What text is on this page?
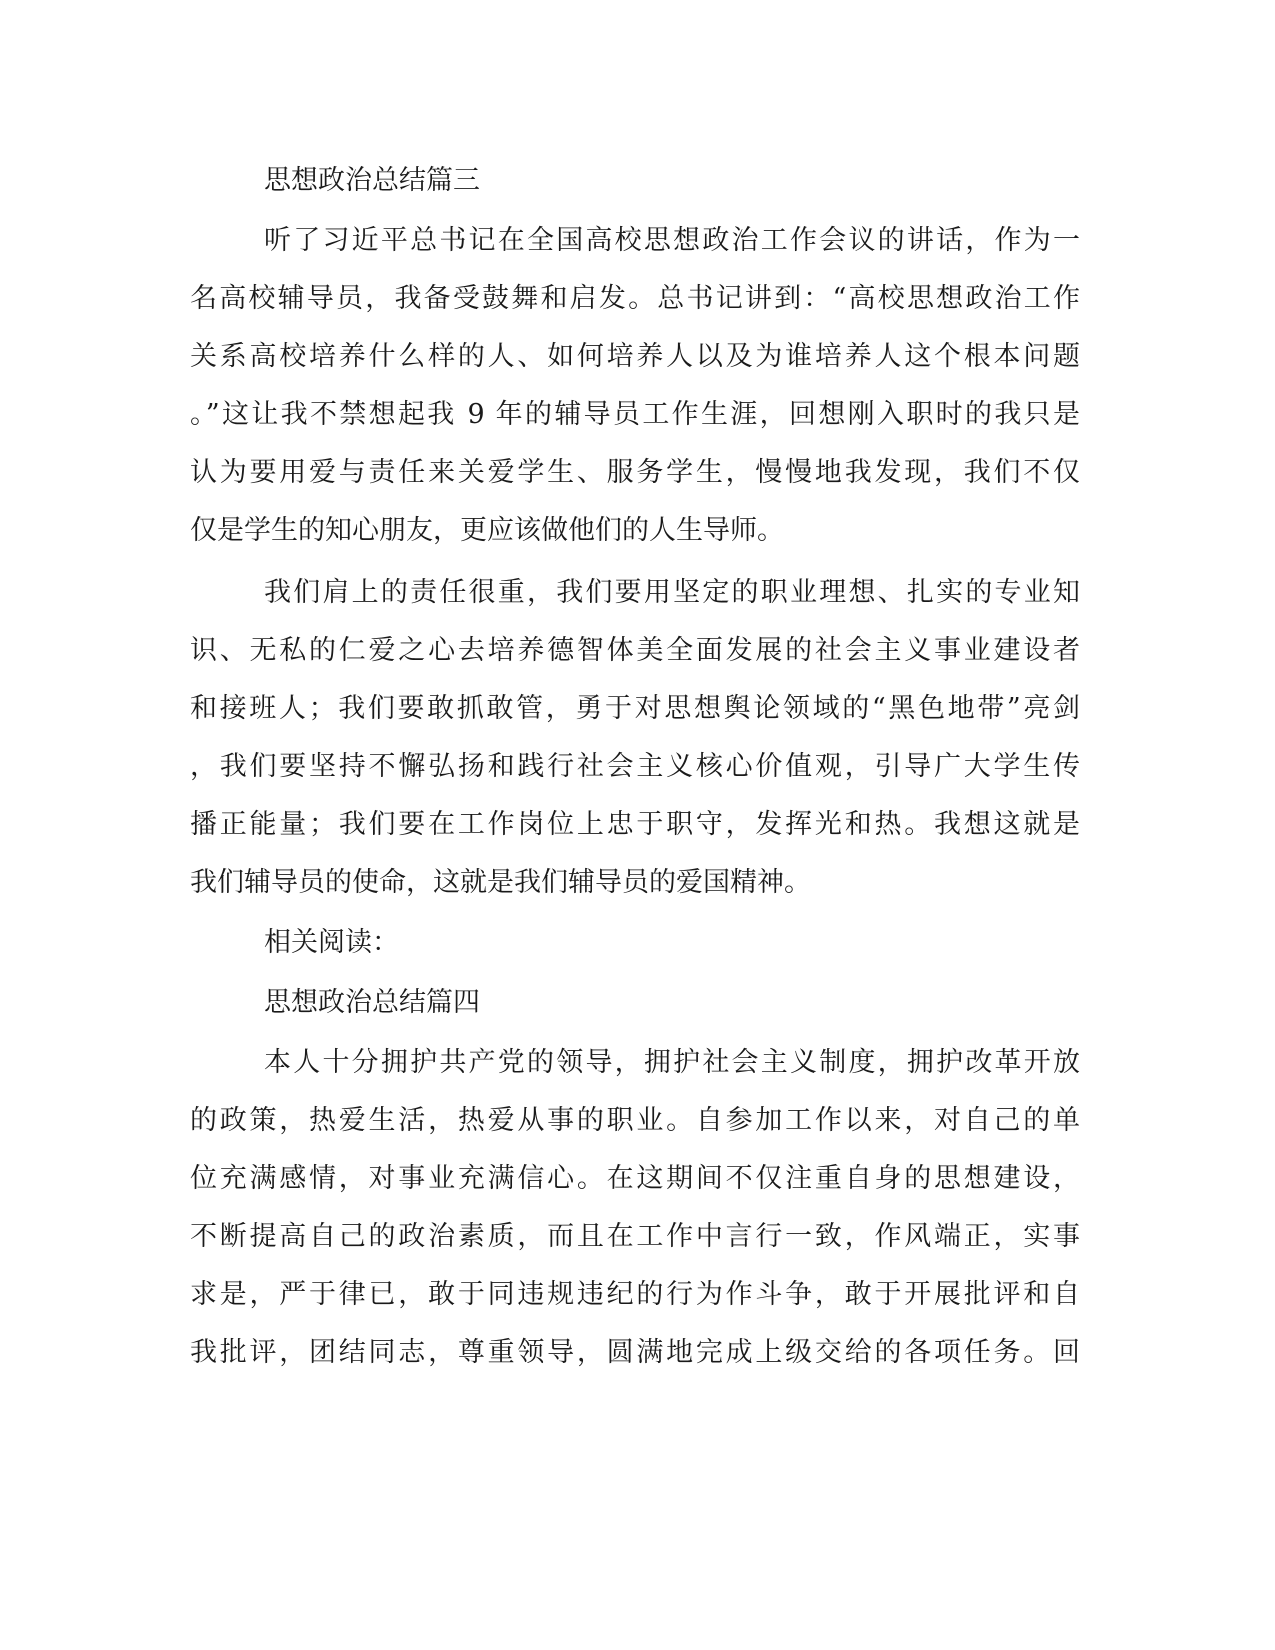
思想政治总结篇三

听了习近平总书记在全国高校思想政治工作会议的讲话，作为一

名高校辅导员，我备受鼓舞和启发。总书记讲到：“高校思想政治工作

关系高校培养什么样的人、如何培养人以及为谁培养人这个根本问题

。”这让我不禁想起我 9 年的辅导员工作生涯，回想刚入职时的我只是

认为要用爱与责任来关爱学生、服务学生，慢慢地我发现，我们不仅

仅是学生的知心朋友，更应该做他们的人生导师。

我们肩上的责任很重，我们要用坚定的职业理想、扎实的专业知

识、无私的仁爱之心去培养德智体美全面发展的社会主义事业建设者

和接班人；我们要敢抓敢管，勇于对思想舆论领域的“黑色地带”亮剑

，我们要坚持不懈弘扬和践行社会主义核心价值观，引导广大学生传

播正能量；我们要在工作岗位上忠于职守，发挥光和热。我想这就是

我们辅导员的使命，这就是我们辅导员的爱国精神。

相关阅读：

思想政治总结篇四

本人十分拥护共产党的领导，拥护社会主义制度，拥护改革开放

的政策，热爱生活，热爱从事的职业。自参加工作以来，对自己的单

位充满感情，对事业充满信心。在这期间不仅注重自身的思想建设，

不断提高自己的政治素质，而且在工作中言行一致，作风端正，实事

求是，严于律已，敢于同违规违纪的行为作斗争，敢于开展批评和自

我批评，团结同志，尊重领导，圆满地完成上级交给的各项任务。回
